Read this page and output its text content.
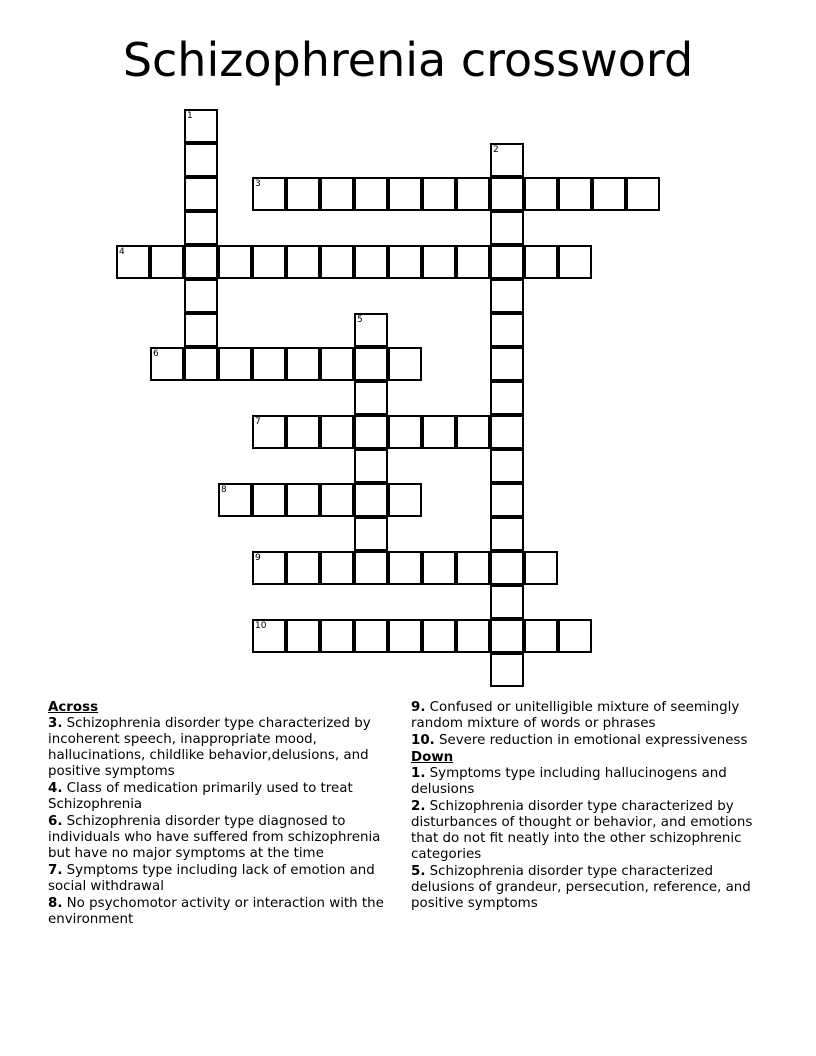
Schizophrenia crossword
1
2
3
4
5
6
7
8
9
10
Across
3. Schizophrenia disorder type characterized by incoherent speech, inappropriate mood, hallucinations, childlike behavior,delusions, and positive symptoms
4. Class of medication primarily used to treat Schizophrenia
6. Schizophrenia disorder type diagnosed to individuals who have suffered from schizophrenia but have no major symptoms at the time
7. Symptoms type including lack of emotion and social withdrawal
8. No psychomotor activity or interaction with the environment
9. Confused or unitelligible mixture of seemingly random mixture of words or phrases
10. Severe reduction in emotional expressiveness
Down
1. Symptoms type including hallucinogens and delusions
2. Schizophrenia disorder type characterized by disturbances of thought or behavior, and emotions that do not fit neatly into the other schizophrenic categories
5. Schizophrenia disorder type characterized delusions of grandeur, persecution, reference, and positive symptoms
